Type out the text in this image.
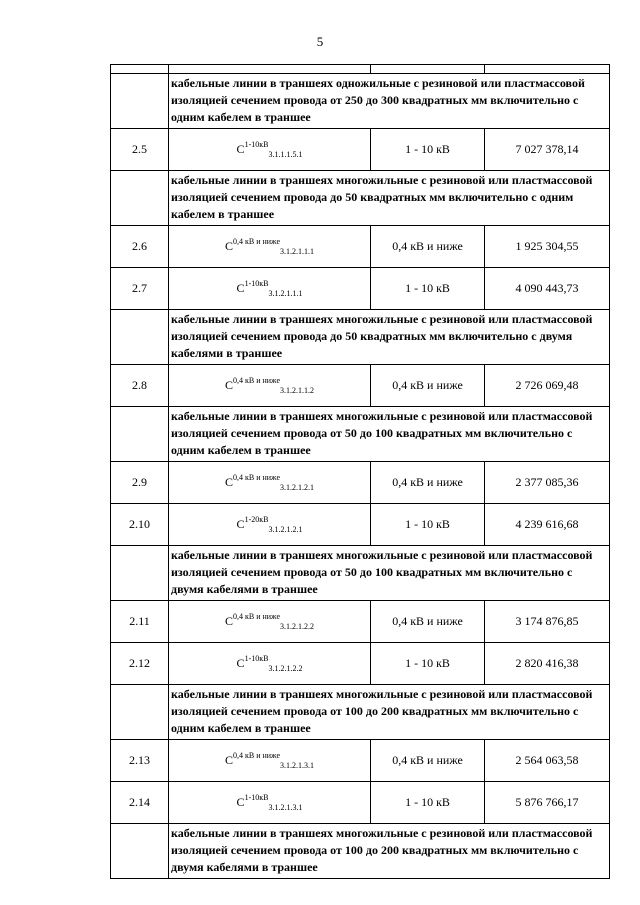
5

	кабельные линии в траншеях одножильные с резиновой или пластмассовой изоляцией сечением провода от 250 до 300 квадратных мм включительно с одним кабелем в траншее		
2.5	$С^{1-10кВ}_{3.1.1.1.5.1}$	1 - 10 кВ	7 027 378,14
	кабельные линии в траншеях многожильные с резиновой или пластмассовой изоляцией сечением провода до 50 квадратных мм включительно с одним кабелем в траншее		
2.6	$С^{0,4 кВ и ниже}_{3.1.2.1.1.1}$	0,4 кВ и ниже	1 925 304,55
2.7	$С^{1-10кВ}_{3.1.2.1.1.1}$	1 - 10 кВ	4 090 443,73
	кабельные линии в траншеях многожильные с резиновой или пластмассовой изоляцией сечением провода до 50 квадратных мм включительно с двумя кабелями в траншее		
2.8	$С^{0,4 кВ и ниже}_{3.1.2.1.1.2}$	0,4 кВ и ниже	2 726 069,48
	кабельные линии в траншеях многожильные с резиновой или пластмассовой изоляцией сечением провода от 50 до 100 квадратных мм включительно с одним кабелем в траншее		
2.9	$С^{0,4 кВ и ниже}_{3.1.2.1.2.1}$	0,4 кВ и ниже	2 377 085,36
2.10	$С^{1-20кВ}_{3.1.2.1.2.1}$	1 - 10 кВ	4 239 616,68
	кабельные линии в траншеях многожильные с резиновой или пластмассовой изоляцией сечением провода от 50 до 100 квадратных мм включительно с двумя кабелями в траншее		
2.11	$С^{0,4 кВ и ниже}_{3.1.2.1.2.2}$	0,4 кВ и ниже	3 174 876,85
2.12	$С^{1-10кВ}_{3.1.2.1.2.2}$	1 - 10 кВ	2 820 416,38
	кабельные линии в траншеях многожильные с резиновой или пластмассовой изоляцией сечением провода от 100 до 200 квадратных мм включительно с одним кабелем в траншее		
2.13	$С^{0,4 кВ и ниже}_{3.1.2.1.3.1}$	0,4 кВ и ниже	2 564 063,58
2.14	$С^{1-10кВ}_{3.1.2.1.3.1}$	1 - 10 кВ	5 876 766,17
	кабельные линии в траншеях многожильные с резиновой или пластмассовой изоляцией сечением провода от 100 до 200 квадратных мм включительно с двумя кабелями в траншее		
